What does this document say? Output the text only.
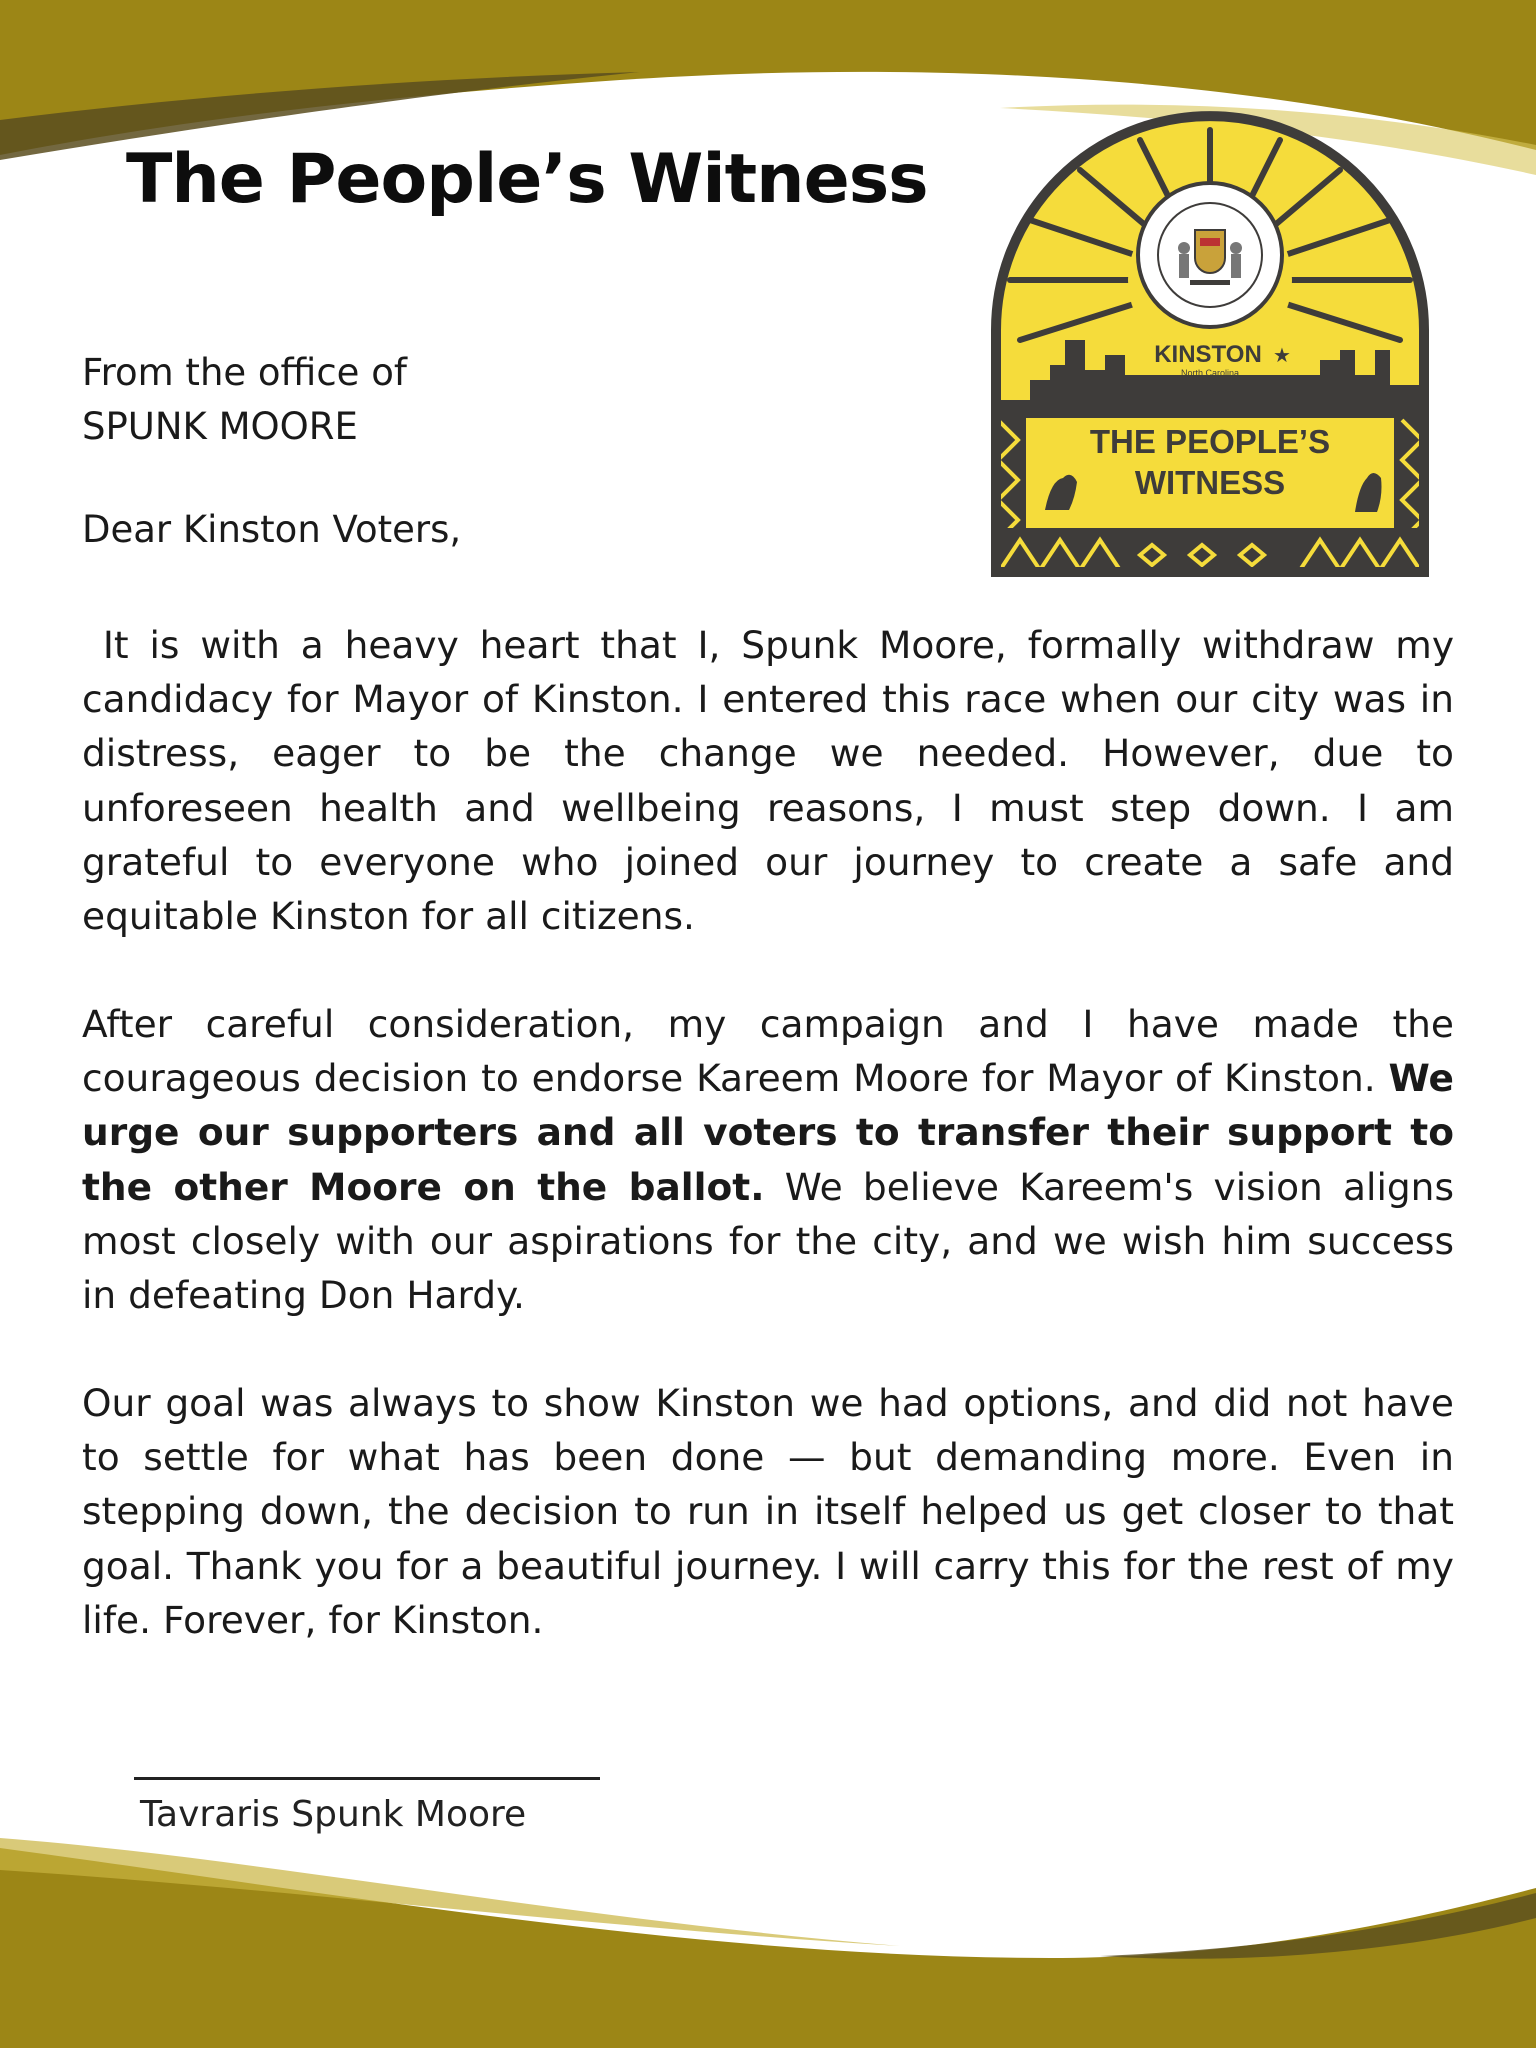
The People’s Witness
KINSTON ★
North Carolina
THE PEOPLE’S
WITNESS
From the office of
SPUNK MOORE
Dear Kinston Voters,

It is with a heavy heart that I, Spunk Moore, formally withdraw my candidacy for Mayor of Kinston. I entered this race when our city was in distress, eager to be the change we needed. However, due to unforeseen health and wellbeing reasons, I must step down. I am grateful to everyone who joined our journey to create a safe and equitable Kinston for all citizens.

After careful consideration, my campaign and I have made the courageous decision to endorse Kareem Moore for Mayor of Kinston. We urge our supporters and all voters to transfer their support to the other Moore on the ballot. We believe Kareem's vision aligns most closely with our aspirations for the city, and we wish him success in defeating Don Hardy.

Our goal was always to show Kinston we had options, and did not have to settle for what has been done — but demanding more. Even in stepping down, the decision to run in itself helped us get closer to that goal. Thank you for a beautiful journey. I will carry this for the rest of my life. Forever, for Kinston.

Tavraris Spunk Moore
